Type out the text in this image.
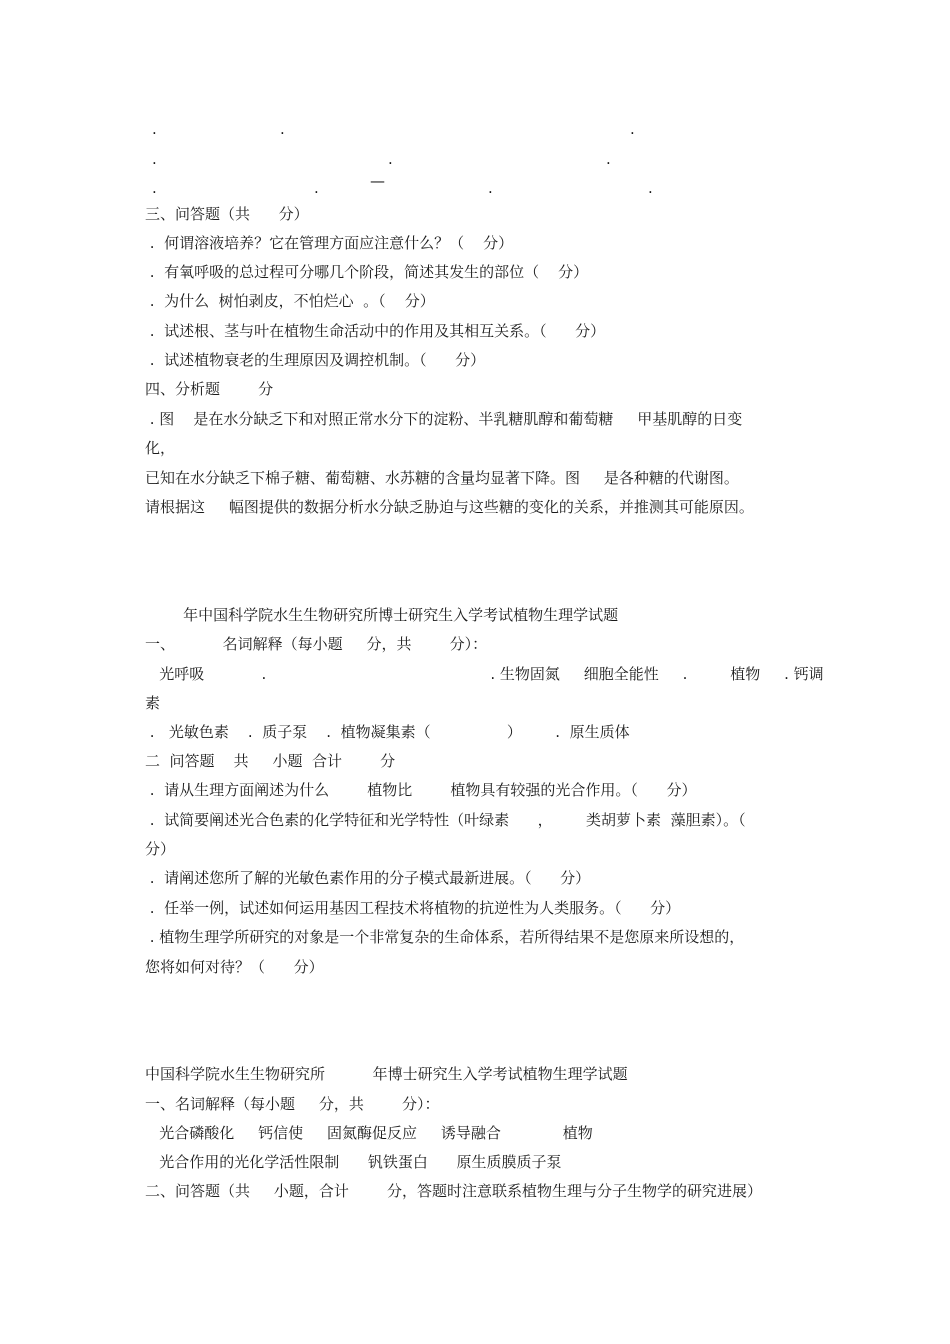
.	.	.
.	.	.
.	.	—	.	.
三、问答题（共      分）
.  何谓溶液培养？它在管理方面应注意什么？（    分）
.  有氧呼吸的总过程可分哪几个阶段，简述其发生的部位（    分）
.  为什么  树怕剥皮，不怕烂心  。（    分）
.  试述根、茎与叶在植物生命活动中的作用及其相互关系。（      分）
.  试述植物衰老的生理原因及调控机制。（      分）
四、分析题        分
. 图    是在水分缺乏下和对照正常水分下的淀粉、半乳糖肌醇和葡萄糖     甲基肌醇的日变
化，
已知在水分缺乏下棉子糖、葡萄糖、水苏糖的含量均显著下降。图     是各种糖的代谢图。
请根据这     幅图提供的数据分析水分缺乏胁迫与这些糖的变化的关系，并推测其可能原因。
年中国科学院水生生物研究所博士研究生入学考试植物生理学试题
一、          名词解释（每小题     分，共        分）：
光呼吸            .                                               . 生物固氮     细胞全能性     .         植物     . 钙调
素
.   光敏色素    .  质子泵    .  植物凝集素（                ）       .  原生质体
二  问答题    共     小题  合计        分
.  请从生理方面阐述为什么        植物比        植物具有较强的光合作用。（      分）
.  试简要阐述光合色素的化学特征和光学特性（叶绿素      ，       类胡萝卜素  藻胆素）。（
分）
.  请阐述您所了解的光敏色素作用的分子模式最新进展。（      分）
.  任举一例，试述如何运用基因工程技术将植物的抗逆性为人类服务。（      分）
. 植物生理学所研究的对象是一个非常复杂的生命体系，若所得结果不是您原来所设想的，
您将如何对待？（      分）
中国科学院水生生物研究所          年博士研究生入学考试植物生理学试题
一、名词解释（每小题     分，共        分）：
光合磷酸化     钙信使     固氮酶促反应     诱导融合             植物
光合作用的光化学活性限制      钒铁蛋白      原生质膜质子泵
二、问答题（共     小题，合计        分，答题时注意联系植物生理与分子生物学的研究进展）
